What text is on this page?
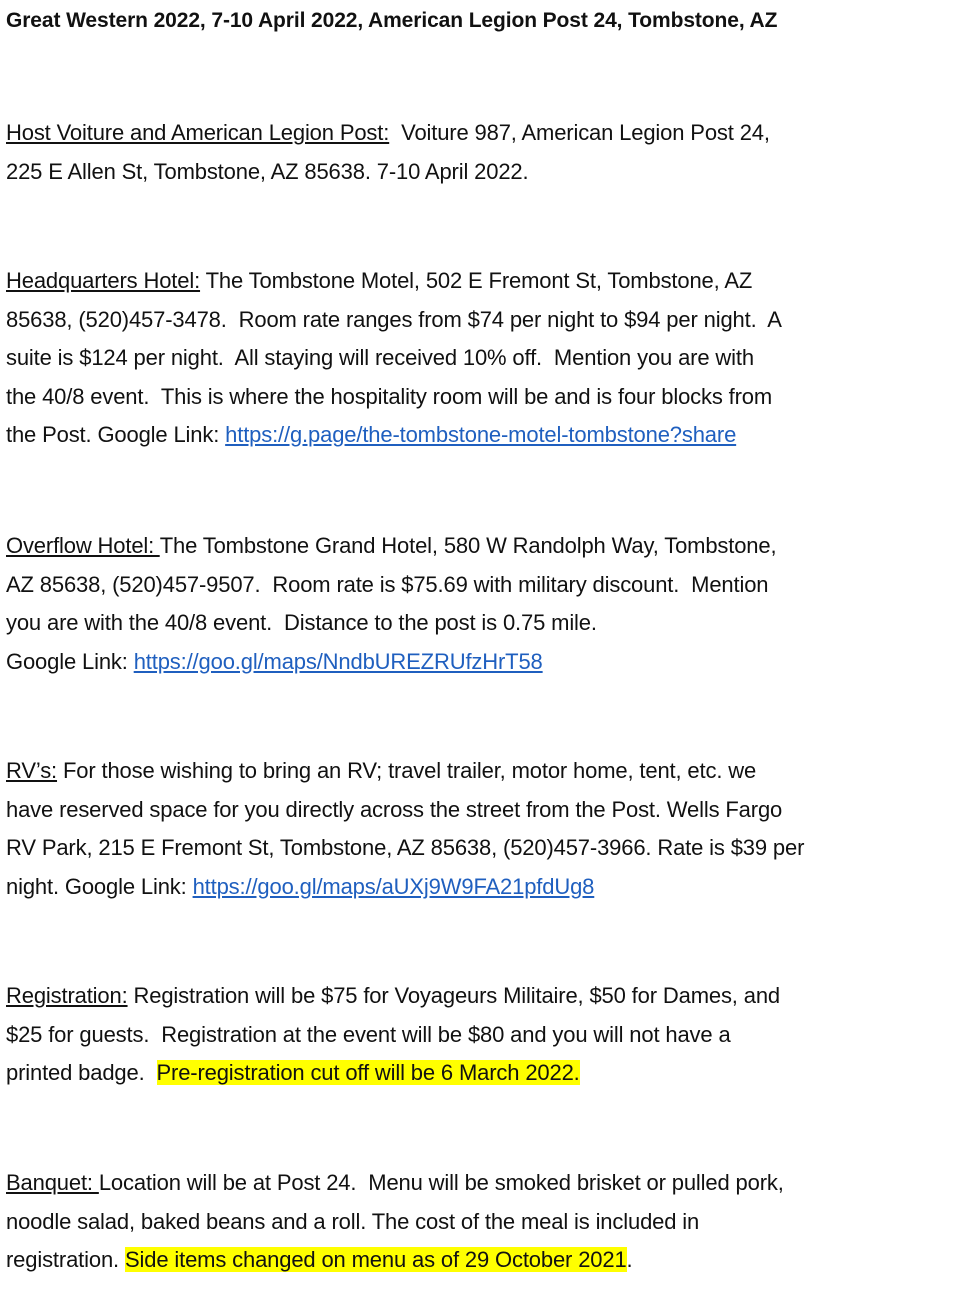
Great Western 2022, 7-10 April 2022, American Legion Post 24, Tombstone, AZ
Host Voiture and American Legion Post:  Voiture 987, American Legion Post 24,
225 E Allen St, Tombstone, AZ 85638. 7-10 April 2022.
Headquarters Hotel: The Tombstone Motel, 502 E Fremont St, Tombstone, AZ
85638, (520)457-3478.  Room rate ranges from $74 per night to $94 per night.  A
suite is $124 per night.  All staying will received 10% off.  Mention you are with
the 40/8 event.  This is where the hospitality room will be and is four blocks from
the Post. Google Link: https://g.page/the-tombstone-motel-tombstone?share
Overflow Hotel: The Tombstone Grand Hotel, 580 W Randolph Way, Tombstone,
AZ 85638, (520)457-9507.  Room rate is $75.69 with military discount.  Mention
you are with the 40/8 event.  Distance to the post is 0.75 mile.
Google Link: https://goo.gl/maps/NndbUREZRUfzHrT58
RV’s: For those wishing to bring an RV; travel trailer, motor home, tent, etc. we
have reserved space for you directly across the street from the Post. Wells Fargo
RV Park, 215 E Fremont St, Tombstone, AZ 85638, (520)457-3966. Rate is $39 per
night. Google Link: https://goo.gl/maps/aUXj9W9FA21pfdUg8
Registration: Registration will be $75 for Voyageurs Militaire, $50 for Dames, and
$25 for guests.  Registration at the event will be $80 and you will not have a
printed badge.  Pre-registration cut off will be 6 March 2022.
Banquet: Location will be at Post 24.  Menu will be smoked brisket or pulled pork,
noodle salad, baked beans and a roll. The cost of the meal is included in
registration. Side items changed on menu as of 29 October 2021.
